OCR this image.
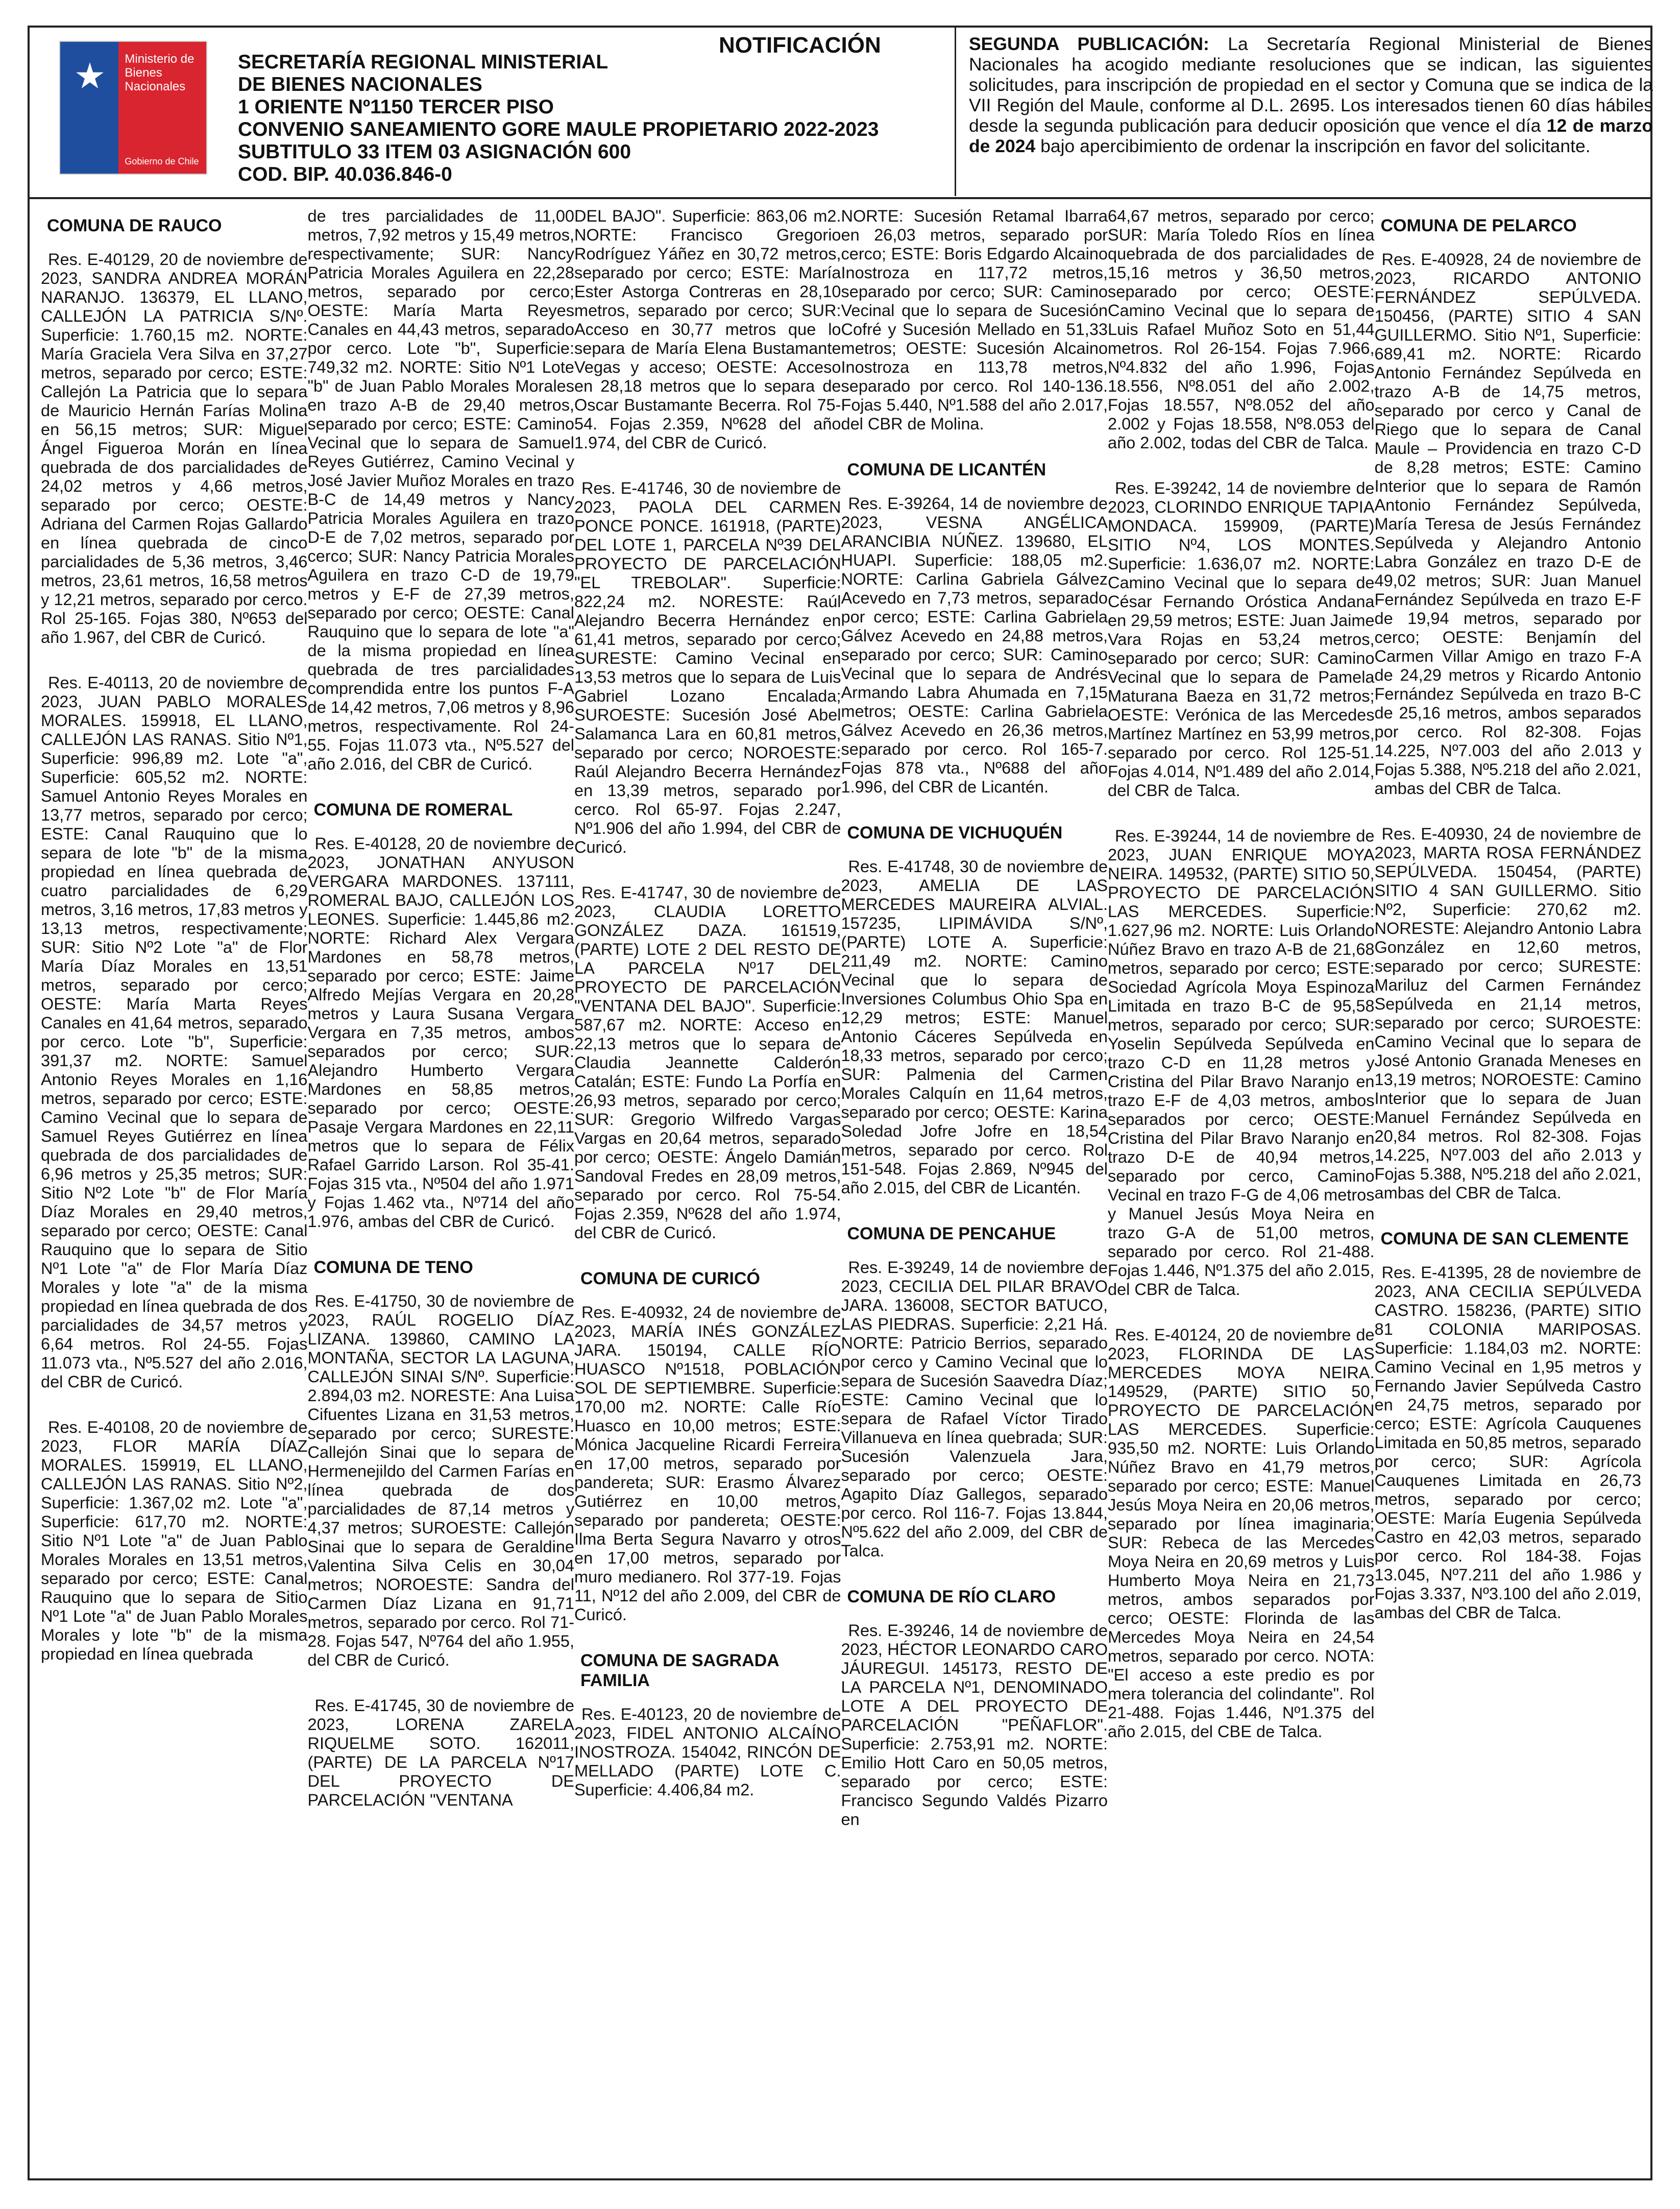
Ministerio de
Bienes
Nacionales
Gobierno de Chile
NOTIFICACIÓN
SECRETARÍA REGIONAL MINISTERIAL
DE BIENES NACIONALES
1 ORIENTE Nº1150 TERCER PISO
CONVENIO SANEAMIENTO GORE MAULE PROPIETARIO 2022-2023
SUBTITULO 33 ITEM 03 ASIGNACIÓN 600
COD. BIP. 40.036.846-0
SEGUNDA PUBLICACIÓN: La Secretaría Regional Ministerial de Bienes Nacionales ha acogido mediante resoluciones que se indican, las siguientes solicitudes, para inscripción de propiedad en el sector y Comuna que se indica de la VII Región del Maule, conforme al D.L. 2695. Los interesados tienen 60 días hábiles desde la segunda publicación para deducir oposición que vence el día 12 de marzo de 2024 bajo apercibimiento de ordenar la inscripción en favor del solicitante.
COMUNA DE RAUCO

Res. E-40129, 20 de noviembre de 2023, SANDRA ANDREA MORÁN NARANJO. 136379, EL LLANO, CALLEJÓN LA PATRICIA S/Nº. Superficie: 1.760,15 m2. NORTE: María Graciela Vera Silva en 37,27 metros, separado por cerco; ESTE: Callejón La Patricia que lo separa de Mauricio Hernán Farías Molina en 56,15 metros; SUR: Miguel Ángel Figueroa Morán en línea quebrada de dos parcialidades de 24,02 metros y 4,66 metros, separado por cerco; OESTE: Adriana del Carmen Rojas Gallardo en línea quebrada de cinco parcialidades de 5,36 metros, 3,46 metros, 23,61 metros, 16,58 metros y 12,21 metros, separado por cerco. Rol 25-165. Fojas 380, Nº653 del año 1.967, del CBR de Curicó.

Res. E-40113, 20 de noviembre de 2023, JUAN PABLO MORALES MORALES. 159918, EL LLANO, CALLEJÓN LAS RANAS. Sitio Nº1, Superficie: 996,89 m2. Lote "a", Superficie: 605,52 m2. NORTE: Samuel Antonio Reyes Morales en 13,77 metros, separado por cerco; ESTE: Canal Rauquino que lo separa de lote "b" de la misma propiedad en línea quebrada de cuatro parcialidades de 6,29 metros, 3,16 metros, 17,83 metros y 13,13 metros, respectivamente; SUR: Sitio Nº2 Lote "a" de Flor María Díaz Morales en 13,51 metros, separado por cerco; OESTE: María Marta Reyes Canales en 41,64 metros, separado por cerco. Lote "b", Superficie: 391,37 m2. NORTE: Samuel Antonio Reyes Morales en 1,16 metros, separado por cerco; ESTE: Camino Vecinal que lo separa de Samuel Reyes Gutiérrez en línea quebrada de dos parcialidades de 6,96 metros y 25,35 metros; SUR: Sitio Nº2 Lote "b" de Flor María Díaz Morales en 29,40 metros, separado por cerco; OESTE: Canal Rauquino que lo separa de Sitio Nº1 Lote "a" de Flor María Díaz Morales y lote "a" de la misma propiedad en línea quebrada de dos parcialidades de 34,57 metros y 6,64 metros. Rol 24-55. Fojas 11.073 vta., Nº5.527 del año 2.016, del CBR de Curicó.

Res. E-40108, 20 de noviembre de 2023, FLOR MARÍA DÍAZ MORALES. 159919, EL LLANO, CALLEJÓN LAS RANAS. Sitio Nº2, Superficie: 1.367,02 m2. Lote "a", Superficie: 617,70 m2. NORTE: Sitio Nº1 Lote "a" de Juan Pablo Morales Morales en 13,51 metros, separado por cerco; ESTE: Canal Rauquino que lo separa de Sitio Nº1 Lote "a" de Juan Pablo Morales Morales y lote "b" de la misma propiedad en línea quebrada

de tres parcialidades de 11,00 metros, 7,92 metros y 15,49 metros, respectivamente; SUR: Nancy Patricia Morales Aguilera en 22,28 metros, separado por cerco; OESTE: María Marta Reyes Canales en 44,43 metros, separado por cerco. Lote "b", Superficie: 749,32 m2. NORTE: Sitio Nº1 Lote "b" de Juan Pablo Morales Morales en trazo A-B de 29,40 metros, separado por cerco; ESTE: Camino Vecinal que lo separa de Samuel Reyes Gutiérrez, Camino Vecinal y José Javier Muñoz Morales en trazo B-C de 14,49 metros y Nancy Patricia Morales Aguilera en trazo D-E de 7,02 metros, separado por cerco; SUR: Nancy Patricia Morales Aguilera en trazo C-D de 19,79 metros y E-F de 27,39 metros, separado por cerco; OESTE: Canal Rauquino que lo separa de lote "a" de la misma propiedad en línea quebrada de tres parcialidades comprendida entre los puntos F-A de 14,42 metros, 7,06 metros y 8,96 metros, respectivamente. Rol 24-55. Fojas 11.073 vta., Nº5.527 del año 2.016, del CBR de Curicó.

COMUNA DE ROMERAL

Res. E-40128, 20 de noviembre de 2023, JONATHAN ANYUSON VERGARA MARDONES. 137111, ROMERAL BAJO, CALLEJÓN LOS LEONES. Superficie: 1.445,86 m2. NORTE: Richard Alex Vergara Mardones en 58,78 metros, separado por cerco; ESTE: Jaime Alfredo Mejías Vergara en 20,28 metros y Laura Susana Vergara Vergara en 7,35 metros, ambos separados por cerco; SUR: Alejandro Humberto Vergara Mardones en 58,85 metros, separado por cerco; OESTE: Pasaje Vergara Mardones en 22,11 metros que lo separa de Félix Rafael Garrido Larson. Rol 35-41. Fojas 315 vta., Nº504 del año 1.971 y Fojas 1.462 vta., Nº714 del año 1.976, ambas del CBR de Curicó.

COMUNA DE TENO

Res. E-41750, 30 de noviembre de 2023, RAÚL ROGELIO DÍAZ LIZANA. 139860, CAMINO LA MONTAÑA, SECTOR LA LAGUNA, CALLEJÓN SINAI S/Nº. Superficie: 2.894,03 m2. NORESTE: Ana Luisa Cifuentes Lizana en 31,53 metros, separado por cerco; SURESTE: Callejón Sinai que lo separa de Hermenejildo del Carmen Farías en línea quebrada de dos parcialidades de 87,14 metros y 4,37 metros; SUROESTE: Callejón Sinai que lo separa de Geraldine Valentina Silva Celis en 30,04 metros; NOROESTE: Sandra del Carmen Díaz Lizana en 91,71 metros, separado por cerco. Rol 71-28. Fojas 547, Nº764 del año 1.955, del CBR de Curicó.

Res. E-41745, 30 de noviembre de 2023, LORENA ZARELA RIQUELME SOTO. 162011, (PARTE) DE LA PARCELA Nº17 DEL PROYECTO DE PARCELACIÓN "VENTANA

DEL BAJO". Superficie: 863,06 m2. NORTE: Francisco Gregorio Rodríguez Yáñez en 30,72 metros, separado por cerco; ESTE: María Ester Astorga Contreras en 28,10 metros, separado por cerco; SUR: Acceso en 30,77 metros que lo separa de María Elena Bustamante Vegas y acceso; OESTE: Acceso en 28,18 metros que lo separa de Oscar Bustamante Becerra. Rol 75-54. Fojas 2.359, Nº628 del año 1.974, del CBR de Curicó.

Res. E-41746, 30 de noviembre de 2023, PAOLA DEL CARMEN PONCE PONCE. 161918, (PARTE) DEL LOTE 1, PARCELA Nº39 DEL PROYECTO DE PARCELACIÓN "EL TREBOLAR". Superficie: 822,24 m2. NORESTE: Raúl Alejandro Becerra Hernández en 61,41 metros, separado por cerco; SURESTE: Camino Vecinal en 13,53 metros que lo separa de Luis Gabriel Lozano Encalada; SUROESTE: Sucesión José Abel Salamanca Lara en 60,81 metros, separado por cerco; NOROESTE: Raúl Alejandro Becerra Hernández en 13,39 metros, separado por cerco. Rol 65-97. Fojas 2.247, Nº1.906 del año 1.994, del CBR de Curicó.

Res. E-41747, 30 de noviembre de 2023, CLAUDIA LORETTO GONZÁLEZ DAZA. 161519, (PARTE) LOTE 2 DEL RESTO DE LA PARCELA Nº17 DEL PROYECTO DE PARCELACIÓN "VENTANA DEL BAJO". Superficie: 587,67 m2. NORTE: Acceso en 22,13 metros que lo separa de Claudia Jeannette Calderón Catalán; ESTE: Fundo La Porfía en 26,93 metros, separado por cerco; SUR: Gregorio Wilfredo Vargas Vargas en 20,64 metros, separado por cerco; OESTE: Ángelo Damián Sandoval Fredes en 28,09 metros, separado por cerco. Rol 75-54. Fojas 2.359, Nº628 del año 1.974, del CBR de Curicó.

COMUNA DE CURICÓ

Res. E-40932, 24 de noviembre de 2023, MARÍA INÉS GONZÁLEZ JARA. 150194, CALLE RÍO HUASCO Nº1518, POBLACIÓN SOL DE SEPTIEMBRE. Superficie: 170,00 m2. NORTE: Calle Río Huasco en 10,00 metros; ESTE: Mónica Jacqueline Ricardi Ferreira en 17,00 metros, separado por pandereta; SUR: Erasmo Álvarez Gutiérrez en 10,00 metros, separado por pandereta; OESTE: Ilma Berta Segura Navarro y otros en 17,00 metros, separado por muro medianero. Rol 377-19. Fojas 11, Nº12 del año 2.009, del CBR de Curicó.

COMUNA DE SAGRADA FAMILIA

Res. E-40123, 20 de noviembre de 2023, FIDEL ANTONIO ALCAÍNO INOSTROZA. 154042, RINCÓN DE MELLADO (PARTE) LOTE C. Superficie: 4.406,84 m2.

NORTE: Sucesión Retamal Ibarra en 26,03 metros, separado por cerco; ESTE: Boris Edgardo Alcaino Inostroza en 117,72 metros, separado por cerco; SUR: Camino Vecinal que lo separa de Sucesión Cofré y Sucesión Mellado en 51,33 metros; OESTE: Sucesión Alcaino Inostroza en 113,78 metros, separado por cerco. Rol 140-136. Fojas 5.440, Nº1.588 del año 2.017, del CBR de Molina.

COMUNA DE LICANTÉN

Res. E-39264, 14 de noviembre de 2023, VESNA ANGÉLICA ARANCIBIA NÚÑEZ. 139680, EL HUAPI. Superficie: 188,05 m2. NORTE: Carlina Gabriela Gálvez Acevedo en 7,73 metros, separado por cerco; ESTE: Carlina Gabriela Gálvez Acevedo en 24,88 metros, separado por cerco; SUR: Camino Vecinal que lo separa de Andrés Armando Labra Ahumada en 7,15 metros; OESTE: Carlina Gabriela Gálvez Acevedo en 26,36 metros, separado por cerco. Rol 165-7. Fojas 878 vta., Nº688 del año 1.996, del CBR de Licantén.

COMUNA DE VICHUQUÉN

Res. E-41748, 30 de noviembre de 2023, AMELIA DE LAS MERCEDES MAUREIRA ALVIAL. 157235, LIPIMÁVIDA S/Nº, (PARTE) LOTE A. Superficie: 211,49 m2. NORTE: Camino Vecinal que lo separa de Inversiones Columbus Ohio Spa en 12,29 metros; ESTE: Manuel Antonio Cáceres Sepúlveda en 18,33 metros, separado por cerco; SUR: Palmenia del Carmen Morales Calquín en 11,64 metros, separado por cerco; OESTE: Karina Soledad Jofre Jofre en 18,54 metros, separado por cerco. Rol 151-548. Fojas 2.869, Nº945 del año 2.015, del CBR de Licantén.

COMUNA DE PENCAHUE

Res. E-39249, 14 de noviembre de 2023, CECILIA DEL PILAR BRAVO JARA. 136008, SECTOR BATUCO, LAS PIEDRAS. Superficie: 2,21 Há. NORTE: Patricio Berrios, separado por cerco y Camino Vecinal que lo separa de Sucesión Saavedra Díaz; ESTE: Camino Vecinal que lo separa de Rafael Víctor Tirado Villanueva en línea quebrada; SUR: Sucesión Valenzuela Jara, separado por cerco; OESTE: Agapito Díaz Gallegos, separado por cerco. Rol 116-7. Fojas 13.844, Nº5.622 del año 2.009, del CBR de Talca.

COMUNA DE RÍO CLARO

Res. E-39246, 14 de noviembre de 2023, HÉCTOR LEONARDO CARO JÁUREGUI. 145173, RESTO DE LA PARCELA Nº1, DENOMINADO LOTE A DEL PROYECTO DE PARCELACIÓN "PEÑAFLOR". Superficie: 2.753,91 m2. NORTE: Emilio Hott Caro en 50,05 metros, separado por cerco; ESTE: Francisco Segundo Valdés Pizarro en

64,67 metros, separado por cerco; SUR: María Toledo Ríos en línea quebrada de dos parcialidades de 15,16 metros y 36,50 metros, separado por cerco; OESTE: Camino Vecinal que lo separa de Luis Rafael Muñoz Soto en 51,44 metros. Rol 26-154. Fojas 7.966, Nº4.832 del año 1.996, Fojas 18.556, Nº8.051 del año 2.002, Fojas 18.557, Nº8.052 del año 2.002 y Fojas 18.558, Nº8.053 del año 2.002, todas del CBR de Talca.

Res. E-39242, 14 de noviembre de 2023, CLORINDO ENRIQUE TAPIA MONDACA. 159909, (PARTE) SITIO Nº4, LOS MONTES. Superficie: 1.636,07 m2. NORTE: Camino Vecinal que lo separa de César Fernando Oróstica Andana en 29,59 metros; ESTE: Juan Jaime Vara Rojas en 53,24 metros, separado por cerco; SUR: Camino Vecinal que lo separa de Pamela Maturana Baeza en 31,72 metros; OESTE: Verónica de las Mercedes Martínez Martínez en 53,99 metros, separado por cerco. Rol 125-51. Fojas 4.014, Nº1.489 del año 2.014, del CBR de Talca.

Res. E-39244, 14 de noviembre de 2023, JUAN ENRIQUE MOYA NEIRA. 149532, (PARTE) SITIO 50, PROYECTO DE PARCELACIÓN LAS MERCEDES. Superficie: 1.627,96 m2. NORTE: Luis Orlando Núñez Bravo en trazo A-B de 21,68 metros, separado por cerco; ESTE: Sociedad Agrícola Moya Espinoza Limitada en trazo B-C de 95,58 metros, separado por cerco; SUR: Yoselin Sepúlveda Sepúlveda en trazo C-D en 11,28 metros y Cristina del Pilar Bravo Naranjo en trazo E-F de 4,03 metros, ambos separados por cerco; OESTE: Cristina del Pilar Bravo Naranjo en trazo D-E de 40,94 metros, separado por cerco, Camino Vecinal en trazo F-G de 4,06 metros y Manuel Jesús Moya Neira en trazo G-A de 51,00 metros, separado por cerco. Rol 21-488. Fojas 1.446, Nº1.375 del año 2.015, del CBR de Talca.

Res. E-40124, 20 de noviembre de 2023, FLORINDA DE LAS MERCEDES MOYA NEIRA. 149529, (PARTE) SITIO 50, PROYECTO DE PARCELACIÓN LAS MERCEDES. Superficie: 935,50 m2. NORTE: Luis Orlando Núñez Bravo en 41,79 metros, separado por cerco; ESTE: Manuel Jesús Moya Neira en 20,06 metros, separado por línea imaginaria; SUR: Rebeca de las Mercedes Moya Neira en 20,69 metros y Luis Humberto Moya Neira en 21,73 metros, ambos separados por cerco; OESTE: Florinda de las Mercedes Moya Neira en 24,54 metros, separado por cerco. NOTA: "El acceso a este predio es por mera tolerancia del colindante". Rol 21-488. Fojas 1.446, Nº1.375 del año 2.015, del CBE de Talca.

COMUNA DE PELARCO

Res. E-40928, 24 de noviembre de 2023, RICARDO ANTONIO FERNÁNDEZ SEPÚLVEDA. 150456, (PARTE) SITIO 4 SAN GUILLERMO. Sitio Nº1, Superficie: 689,41 m2. NORTE: Ricardo Antonio Fernández Sepúlveda en trazo A-B de 14,75 metros, separado por cerco y Canal de Riego que lo separa de Canal Maule – Providencia en trazo C-D de 8,28 metros; ESTE: Camino Interior que lo separa de Ramón Antonio Fernández Sepúlveda, María Teresa de Jesús Fernández Sepúlveda y Alejandro Antonio Labra González en trazo D-E de 49,02 metros; SUR: Juan Manuel Fernández Sepúlveda en trazo E-F de 19,94 metros, separado por cerco; OESTE: Benjamín del Carmen Villar Amigo en trazo F-A de 24,29 metros y Ricardo Antonio Fernández Sepúlveda en trazo B-C de 25,16 metros, ambos separados por cerco. Rol 82-308. Fojas 14.225, Nº7.003 del año 2.013 y Fojas 5.388, Nº5.218 del año 2.021, ambas del CBR de Talca.

Res. E-40930, 24 de noviembre de 2023, MARTA ROSA FERNÁNDEZ SEPÚLVEDA. 150454, (PARTE) SITIO 4 SAN GUILLERMO. Sitio Nº2, Superficie: 270,62 m2. NORESTE: Alejandro Antonio Labra González en 12,60 metros, separado por cerco; SURESTE: Mariluz del Carmen Fernández Sepúlveda en 21,14 metros, separado por cerco; SUROESTE: Camino Vecinal que lo separa de José Antonio Granada Meneses en 13,19 metros; NOROESTE: Camino Interior que lo separa de Juan Manuel Fernández Sepúlveda en 20,84 metros. Rol 82-308. Fojas 14.225, Nº7.003 del año 2.013 y Fojas 5.388, Nº5.218 del año 2.021, ambas del CBR de Talca.

COMUNA DE SAN CLEMENTE

Res. E-41395, 28 de noviembre de 2023, ANA CECILIA SEPÚLVEDA CASTRO. 158236, (PARTE) SITIO 81 COLONIA MARIPOSAS. Superficie: 1.184,03 m2. NORTE: Camino Vecinal en 1,95 metros y Fernando Javier Sepúlveda Castro en 24,75 metros, separado por cerco; ESTE: Agrícola Cauquenes Limitada en 50,85 metros, separado por cerco; SUR: Agrícola Cauquenes Limitada en 26,73 metros, separado por cerco; OESTE: María Eugenia Sepúlveda Castro en 42,03 metros, separado por cerco. Rol 184-38. Fojas 13.045, Nº7.211 del año 1.986 y Fojas 3.337, Nº3.100 del año 2.019, ambas del CBR de Talca.
